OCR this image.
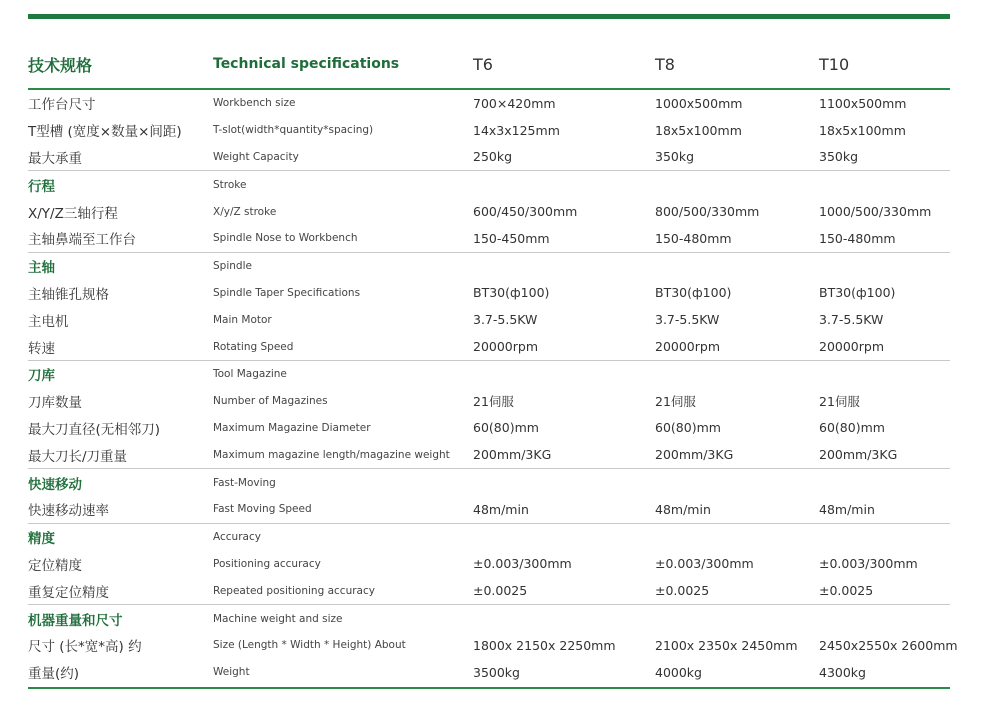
技术规格	Technical specifications	T6	T8	T10
工作台尺寸	Workbench size	700×420mm	1000x500mm	1100x500mm
T型槽 (宽度×数量×间距)	T-slot(width*quantity*spacing)	14x3x125mm	18x5x100mm	18x5x100mm
最大承重	Weight Capacity	250kg	350kg	350kg
行程	Stroke
X/Y/Z三轴行程	X/y/Z stroke	600/450/300mm	800/500/330mm	1000/500/330mm
主轴鼻端至工作台	Spindle Nose to Workbench	150-450mm	150-480mm	150-480mm
主轴	Spindle
主轴锥孔规格	Spindle Taper Specifications	BT30(ф100)	BT30(ф100)	BT30(ф100)
主电机	Main Motor	3.7-5.5KW	3.7-5.5KW	3.7-5.5KW
转速	Rotating Speed	20000rpm	20000rpm	20000rpm
刀库	Tool Magazine
刀库数量	Number of Magazines	21伺服	21伺服	21伺服
最大刀直径(无相邻刀)	Maximum Magazine Diameter	60(80)mm	60(80)mm	60(80)mm
最大刀长/刀重量	Maximum magazine length/magazine weight	200mm/3KG	200mm/3KG	200mm/3KG
快速移动	Fast-Moving
快速移动速率	Fast Moving Speed	48m/min	48m/min	48m/min
精度	Accuracy
定位精度	Positioning accuracy	±0.003/300mm	±0.003/300mm	±0.003/300mm
重复定位精度	Repeated positioning accuracy	±0.0025	±0.0025	±0.0025
机器重量和尺寸	Machine weight and size
尺寸 (长*宽*高) 约	Size (Length * Width * Height) About	1800x 2150x 2250mm	2100x 2350x 2450mm	2450x2550x 2600mm
重量(约)	Weight	3500kg	4000kg	4300kg
